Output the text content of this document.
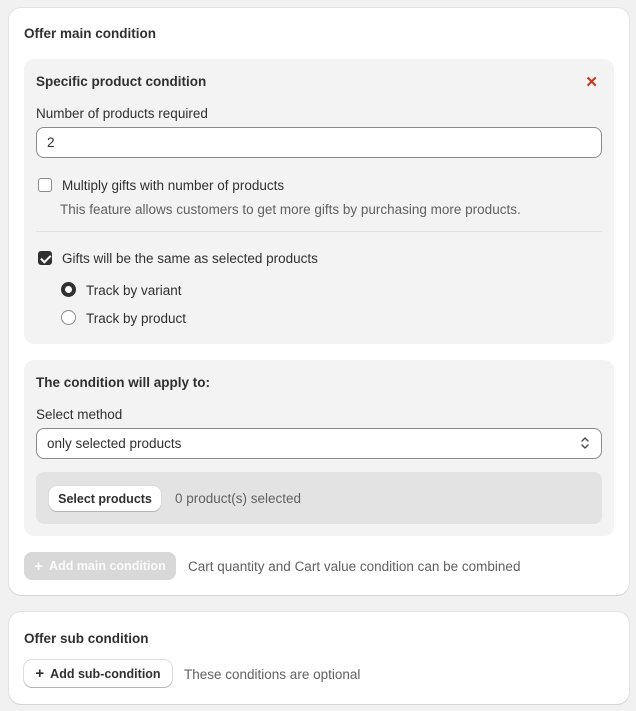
Offer main condition
Specific product condition	✕
Number of products required
2
Multiply gifts with number of products
This feature allows customers to get more gifts by purchasing more products.
Gifts will be the same as selected products
Track by variant
Track by product
The condition will apply to:
Select method
only selected products
Select products	0 product(s) selected
+ Add main condition Cart quantity and Cart value condition can be combined
Offer sub condition
+ Add sub-condition These conditions are optional
